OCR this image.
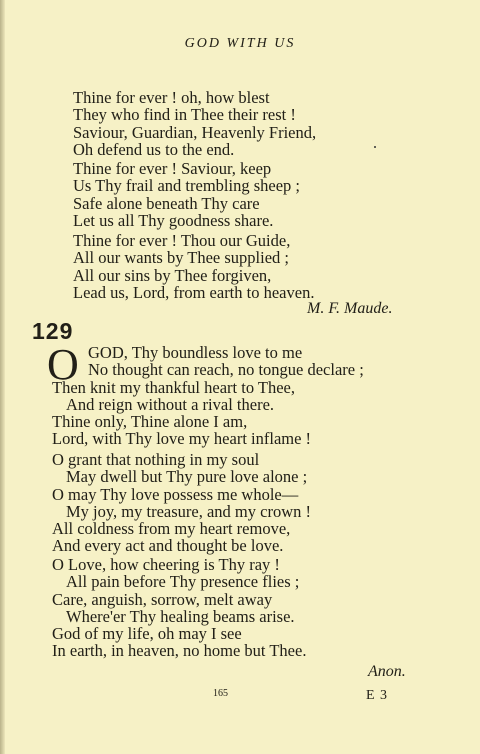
GOD WITH US
Thine for ever ! oh, how blest
They who find in Thee their rest !
Saviour, Guardian, Heavenly Friend,
Oh defend us to the end.
Thine for ever ! Saviour, keep
Us Thy frail and trembling sheep ;
Safe alone beneath Thy care
Let us all Thy goodness share.
Thine for ever ! Thou our Guide,
All our wants by Thee supplied ;
All our sins by Thee forgiven,
Lead us, Lord, from earth to heaven.
M. F. Maude.
129
O GOD, Thy boundless love to me
No thought can reach, no tongue declare ;
Then knit my thankful heart to Thee,
And reign without a rival there.
Thine only, Thine alone I am,
Lord, with Thy love my heart inflame !
O grant that nothing in my soul
May dwell but Thy pure love alone ;
O may Thy love possess me whole—
My joy, my treasure, and my crown !
All coldness from my heart remove,
And every act and thought be love.
O Love, how cheering is Thy ray !
All pain before Thy presence flies ;
Care, anguish, sorrow, melt away
Where'er Thy healing beams arise.
God of my life, oh may I see
In earth, in heaven, no home but Thee.
Anon.
165	E 3
